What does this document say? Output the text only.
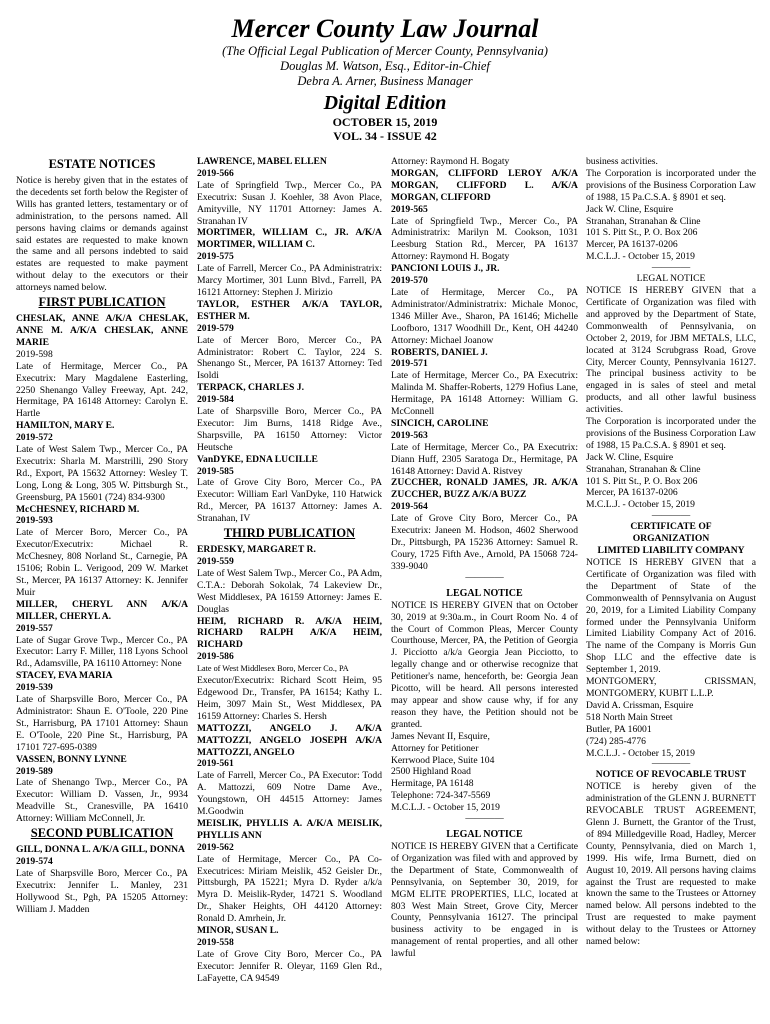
Mercer County Law Journal
(The Official Legal Publication of Mercer County, Pennsylvania)
Douglas M. Watson, Esq., Editor-in-Chief
Debra A. Arner, Business Manager
Digital Edition
OCTOBER 15, 2019
VOL. 34 - ISSUE 42
ESTATE NOTICES

Notice is hereby given that in the estates of the decedents set forth below the Register of Wills has granted letters, testamentary or of administration, to the persons named. All persons having claims or demands against said estates are requested to make known the same and all persons indebted to said estates are requested to make payment without delay to the executors or their attorneys named below.

FIRST PUBLICATION
CHESLAK, ANNE A/K/A CHESLAK, ANNE M. A/K/A CHESLAK, ANNE MARIE
2019-598

Late of Hermitage, Mercer Co., PA Executrix: Mary Magdalene Easterling, 2250 Shenango Valley Freeway, Apt. 242, Hermitage, PA 16148 Attorney: Carolyn E. Hartle

HAMILTON, MARY E.
2019-572

Late of West Salem Twp., Mercer Co., PA Executrix: Sharla M. Marstrilli, 290 Story Rd., Export, PA 15632 Attorney: Wesley T. Long, Long & Long, 305 W. Pittsburgh St., Greensburg, PA 15601 (724) 834-9300

McCHESNEY, RICHARD M.
2019-593

Late of Mercer Boro, Mercer Co., PA Executor/Executrix: Michael R. McChesney, 808 Norland St., Carnegie, PA 15106; Robin L. Verigood, 209 W. Market St., Mercer, PA 16137 Attorney: K. Jennifer Muir

MILLER, CHERYL ANN A/K/A MILLER, CHERYL A.
2019-557

Late of Sugar Grove Twp., Mercer Co., PA Executor: Larry F. Miller, 118 Lyons School Rd., Adamsville, PA 16110 Attorney: None

STACEY, EVA MARIA
2019-539

Late of Sharpsville Boro, Mercer Co., PA Administrator: Shaun E. O'Toole, 220 Pine St., Harrisburg, PA 17101 Attorney: Shaun E. O'Toole, 220 Pine St., Harrisburg, PA 17101 727-695-0389

VASSEN, BONNY LYNNE
2019-589

Late of Shenango Twp., Mercer Co., PA Executor: William D. Vassen, Jr., 9934 Meadville St., Cranesville, PA 16410 Attorney: William McConnell, Jr.

SECOND PUBLICATION
GILL, DONNA L. A/K/A GILL, DONNA
2019-574

Late of Sharpsville Boro, Mercer Co., PA Executrix: Jennifer L. Manley, 231 Hollywood St., Pgh, PA 15205 Attorney: William J. Madden

LAWRENCE, MABEL ELLEN
2019-566

Late of Springfield Twp., Mercer Co., PA Executrix: Susan J. Koehler, 38 Avon Place, Amityville, NY 11701 Attorney: James A. Stranahan IV

MORTIMER, WILLIAM C., JR. A/K/A MORTIMER, WILLIAM C.
2019-575

Late of Farrell, Mercer Co., PA Administratrix: Marcy Mortimer, 301 Lunn Blvd., Farrell, PA 16121 Attorney: Stephen J. Mirizio

TAYLOR, ESTHER A/K/A TAYLOR, ESTHER M.
2019-579

Late of Mercer Boro, Mercer Co., PA Administrator: Robert C. Taylor, 224 S. Shenango St., Mercer, PA 16137 Attorney: Ted Isoldi

TERPACK, CHARLES J.
2019-584

Late of Sharpsville Boro, Mercer Co., PA Executor: Jim Burns, 1418 Ridge Ave., Sharpsville, PA 16150 Attorney: Victor Heutsche

VanDYKE, EDNA LUCILLE
2019-585

Late of Grove City Boro, Mercer Co., PA Executor: William Earl VanDyke, 110 Hatwick Rd., Mercer, PA 16137 Attorney: James A. Stranahan, IV

THIRD PUBLICATION
ERDESKY, MARGARET R.
2019-559

Late of West Salem Twp., Mercer Co., PA Adm, C.T.A.: Deborah Sokolak, 74 Lakeview Dr., West Middlesex, PA 16159 Attorney: James E. Douglas

HEIM, RICHARD R. A/K/A HEIM, RICHARD RALPH A/K/A HEIM, RICHARD
2019-586
Late of West Middlesex Boro, Mercer Co., PA

Executor/Executrix: Richard Scott Heim, 95 Edgewood Dr., Transfer, PA 16154; Kathy L. Heim, 3097 Main St., West Middlesex, PA 16159 Attorney: Charles S. Hersh

MATTOZZI, ANGELO J. A/K/A MATTOZZI, ANGELO JOSEPH A/K/A MATTOZZI, ANGELO
2019-561

Late of Farrell, Mercer Co., PA Executor: Todd A. Mattozzi, 609 Notre Dame Ave., Youngstown, OH 44515 Attorney: James M.Goodwin

MEISLIK, PHYLLIS A. A/K/A MEISLIK, PHYLLIS ANN
2019-562

Late of Hermitage, Mercer Co., PA Co-Executrices: Miriam Meislik, 452 Geisler Dr., Pittsburgh, PA 15221; Myra D. Ryder a/k/a Myra D. Meislik-Ryder, 14721 S. Woodland Dr., Shaker Heights, OH 44120 Attorney: Ronald D. Amrhein, Jr.

MINOR, SUSAN L.
2019-558

Late of Grove City Boro, Mercer Co., PA Executor: Jennifer R. Oleyar, 1169 Glen Rd., LaFayette, CA 94549

Attorney: Raymond H. Bogaty
MORGAN, CLIFFORD LEROY A/K/A MORGAN, CLIFFORD L. A/K/A MORGAN, CLIFFORD
2019-565

Late of Springfield Twp., Mercer Co., PA Administratrix: Marilyn M. Cookson, 1031 Leesburg Station Rd., Mercer, PA 16137 Attorney: Raymond H. Bogaty

PANCIONI LOUIS J., JR.
2019-570

Late of Hermitage, Mercer Co., PA Administrator/Administratrix: Michale Monoc, 1346 Miller Ave., Sharon, PA 16146; Michelle Loofboro, 1317 Woodhill Dr., Kent, OH 44240 Attorney: Michael Joanow

ROBERTS, DANIEL J.
2019-571

Late of Hermitage, Mercer Co., PA Executrix: Malinda M. Shaffer-Roberts, 1279 Hofius Lane, Hermitage, PA 16148 Attorney: William G. McConnell

SINCICH, CAROLINE
2019-563

Late of Hermitage, Mercer Co., PA Executrix: Diann Huff, 2305 Saratoga Dr., Hermitage, PA 16148 Attorney: David A. Ristvey

ZUCCHER, RONALD JAMES, JR. A/K/A ZUCCHER, BUZZ A/K/A BUZZ
2019-564

Late of Grove City Boro, Mercer Co., PA Executrix: Janeen M. Hodson, 4602 Sherwood Dr., Pittsburgh, PA 15236 Attorney: Samuel R. Coury, 1725 Fifth Ave., Arnold, PA 15068 724-339-9040

————
LEGAL NOTICE

NOTICE IS HEREBY GIVEN that on October 30, 2019 at 9:30a.m., in Court Room No. 4 of the Court of Common Pleas, Mercer County Courthouse, Mercer, PA, the Petition of Georgia J. Picciotto a/k/a Georgia Jean Picciotto, to legally change and or otherwise recognize that Petitioner's name, henceforth, be: Georgia Jean Picotto, will be heard. All persons interested may appear and show cause why, if for any reason they have, the Petition should not be granted.

James Nevant II, Esquire,
Attorney for Petitioner
Kerrwood Place, Suite 104
2500 Highland Road
Hermitage, PA 16148
Telephone: 724-347-5569
M.C.L.J. - October 15, 2019
————
LEGAL NOTICE

NOTICE IS HEREBY GIVEN that a Certificate of Organization was filed with and approved by the Department of State, Commonwealth of Pennsylvania, on September 30, 2019, for MGM ELITE PROPERTIES, LLC, located at 803 West Main Street, Grove City, Mercer County, Pennsylvania 16127. The principal business activity to be engaged in is management of rental properties, and all other lawful

business activities.

The Corporation is incorporated under the provisions of the Business Corporation Law of 1988, 15 Pa.C.S.A. § 8901 et seq.

Jack W. Cline, Esquire
Stranahan, Stranahan & Cline
101 S. Pitt St., P. O. Box 206
Mercer, PA 16137-0206
M.C.L.J. - October 15, 2019
————
LEGAL NOTICE

NOTICE IS HEREBY GIVEN that a Certificate of Organization was filed with and approved by the Department of State, Commonwealth of Pennsylvania, on October 2, 2019, for JBM METALS, LLC, located at 3124 Scrubgrass Road, Grove City, Mercer County, Pennsylvania 16127. The principal business activity to be engaged in is sales of steel and metal products, and all other lawful business activities.

The Corporation is incorporated under the provisions of the Business Corporation Law of 1988, 15 Pa.C.S.A. § 8901 et seq.

Jack W. Cline, Esquire
Stranahan, Stranahan & Cline
101 S. Pitt St., P. O. Box 206
Mercer, PA 16137-0206
M.C.L.J. - October 15, 2019
————
CERTIFICATE OF
ORGANIZATION
LIMITED LIABILITY COMPANY

NOTICE IS HEREBY GIVEN that a Certificate of Organization was filed with the Department of State of the Commonwealth of Pennsylvania on August 20, 2019, for a Limited Liability Company formed under the Pennsylvania Uniform Limited Liability Company Act of 2016. The name of the Company is Morris Gun Shop LLC and the effective date is September 1, 2019.

MONTGOMERY, CRISSMAN, MONTGOMERY, KUBIT L.L.P.

David A. Crissman, Esquire
518 North Main Street
Butler, PA 16001
(724) 285-4776
M.C.L.J. - October 15, 2019
————
NOTICE OF REVOCABLE TRUST

NOTICE is hereby given of the administration of the GLENN J. BURNETT REVOCABLE TRUST AGREEMENT, Glenn J. Burnett, the Grantor of the Trust, of 894 Milledgeville Road, Hadley, Mercer County, Pennsylvania, died on March 1, 1999. His wife, Irma Burnett, died on August 10, 2019. All persons having claims against the Trust are requested to make known the same to the Trustees or Attorney named below. All persons indebted to the Trust are requested to make payment without delay to the Trustees or Attorney named below:
